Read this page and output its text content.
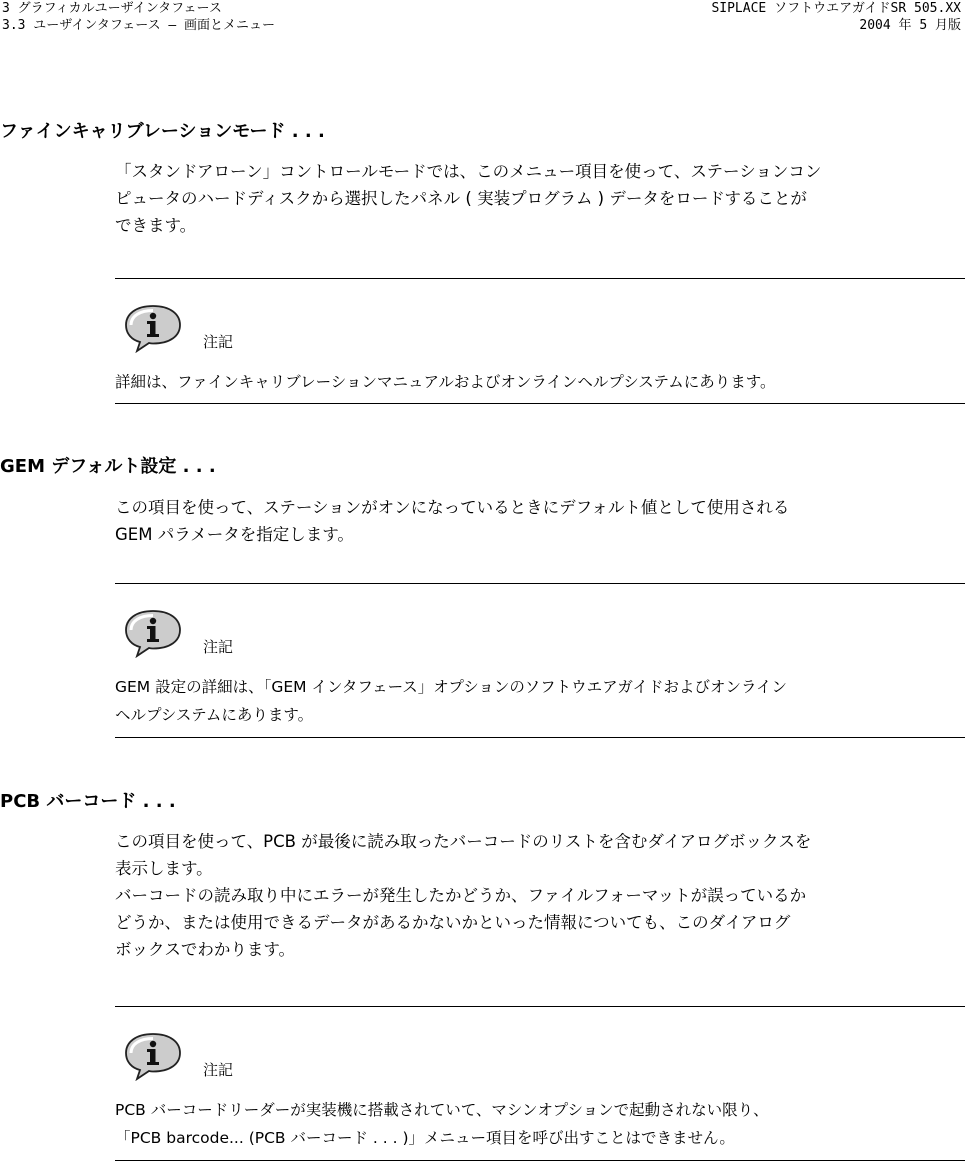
3 グラフィカルユーザインタフェース
3.3 ユーザインタフェース – 画面とメニュー
SIPLACE ソフトウエアガイドSR 505.XX
2004 年 5 月版
ファインキャリブレーションモード . . .
「スタンドアローン」コントロールモードでは、このメニュー項目を使って、ステーションコン
ピュータのハードディスクから選択したパネル ( 実装プログラム ) データをロードすることが
できます。
注記
詳細は、ファインキャリブレーションマニュアルおよびオンラインヘルプシステムにあります。
GEM デフォルト設定 . . .
この項目を使って、ステーションがオンになっているときにデフォルト値として使用される
GEM パラメータを指定します。
注記
GEM 設定の詳細は、「GEM インタフェース」オプションのソフトウエアガイドおよびオンライン
ヘルプシステムにあります。
PCB バーコード . . .
この項目を使って、PCB が最後に読み取ったバーコードのリストを含むダイアログボックスを
表示します。
バーコードの読み取り中にエラーが発生したかどうか、ファイルフォーマットが誤っているか
どうか、または使用できるデータがあるかないかといった情報についても、このダイアログ
ボックスでわかります。
注記
PCB バーコードリーダーが実装機に搭載されていて、マシンオプションで起動されない限り、
「PCB barcode... (PCB バーコード . . . )」メニュー項目を呼び出すことはできません。
